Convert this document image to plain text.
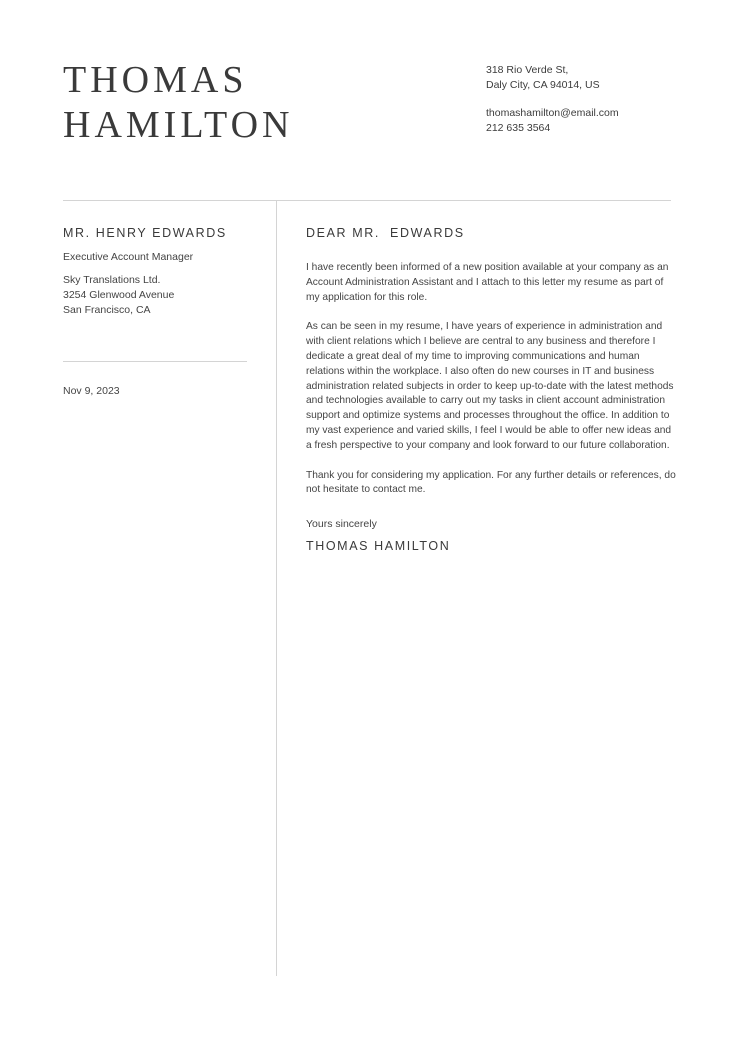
THOMAS
HAMILTON
318 Rio Verde St,
Daly City, CA 94014, US
thomashamilton@email.com
212 635 3564
MR. HENRY EDWARDS
Executive Account Manager
Sky Translations Ltd.
3254 Glenwood Avenue
San Francisco, CA
Nov 9, 2023
DEAR MR.  EDWARDS

I have recently been informed of a new position available at your company as an Account Administration Assistant and I attach to this letter my resume as part of my application for this role.

As can be seen in my resume, I have years of experience in administration and with client relations which I believe are central to any business and therefore I dedicate a great deal of my time to improving communications and human relations within the workplace. I also often do new courses in IT and business administration related subjects in order to keep up-to-date with the latest methods and technologies available to carry out my tasks in client account administration support and optimize systems and processes throughout the office. In addition to my vast experience and varied skills, I feel I would be able to offer new ideas and a fresh perspective to your company and look forward to our future collaboration.

Thank you for considering my application. For any further details or references, do not hesitate to contact me.

Yours sincerely
THOMAS HAMILTON
